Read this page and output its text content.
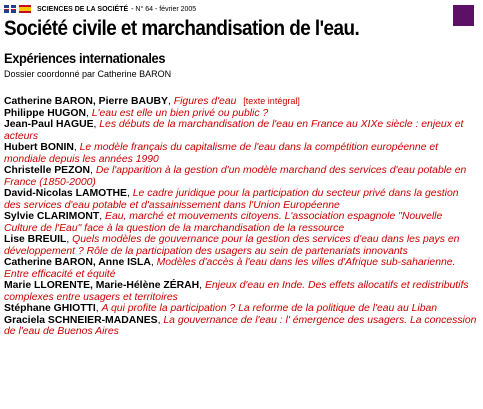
SCIENCES DE LA SOCIÉTÉ - N° 64 - février 2005
Société civile et marchandisation de l'eau.
Expériences internationales
Dossier coordonné par Catherine BARON

Catherine BARON, Pierre BAUBY, Figures d'eau [texte intégral]

Philippe HUGON, L'eau est elle un bien privé ou public ?

Jean-Paul HAGUE, Les débuts de la marchandisation de l'eau en France au XIXe siècle : enjeux et acteurs

Hubert BONIN, Le modèle français du capitalisme de l'eau dans la compétition européenne et mondiale depuis les années 1990

Christelle PEZON, De l'apparition à la gestion d'un modèle marchand des services d'eau potable en France (1850-2000)

David-Nicolas LAMOTHE, Le cadre juridique pour la participation du secteur privé dans la gestion des services d'eau potable et d'assainissement dans l'Union Européenne

Sylvie CLARIMONT, Eau, marché et mouvements citoyens. L'association espagnole "Nouvelle Culture de l'Eau" face à la question de la marchandisation de la ressource

Lise BREUIL, Quels modèles de gouvernance pour la gestion des services d'eau dans les pays en développement ? Rôle de la participation des usagers au sein de partenariats innovants

Catherine BARON, Anne ISLA, Modèles d'accès à l'eau dans les villes d'Afrique sub-saharienne. Entre efficacité et équité

Marie LLORENTE, Marie-Hélène ZÉRAH, Enjeux d'eau en Inde. Des effets allocatifs et redistributifs complexes entre usagers et territoires

Stéphane GHIOTTI, A qui profite la participation ? La reforme de la politique de l'eau au Liban

Graciela SCHNEIER-MADANES, La gouvernance de l'eau : l' émergence des usagers. La concession de l'eau de Buenos Aires
